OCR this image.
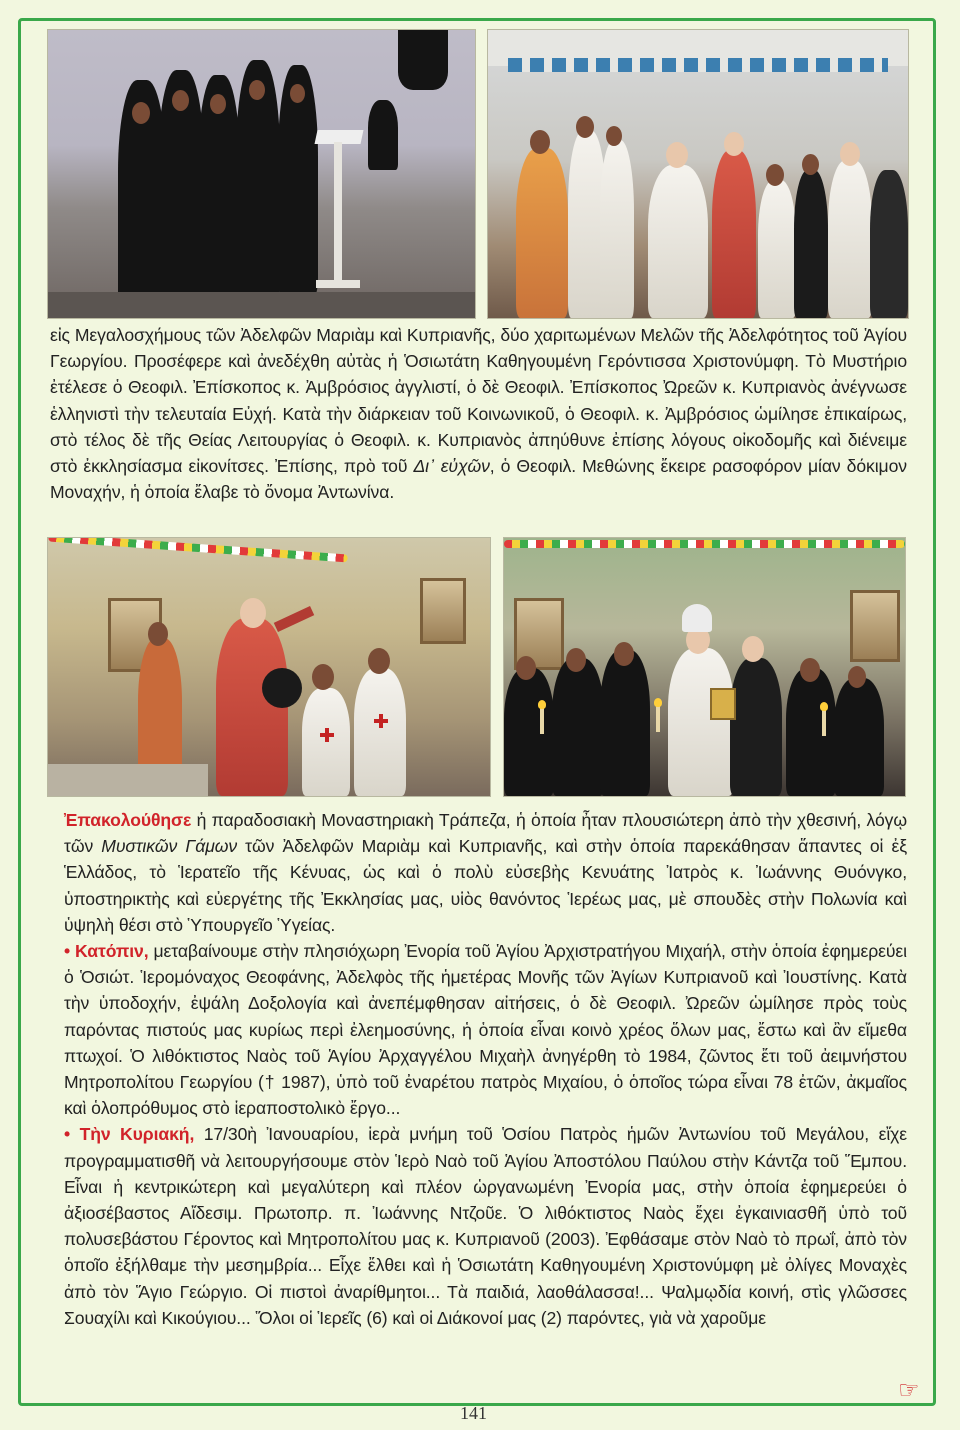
εἰς Μεγαλοσχήμους τῶν Ἀδελφῶν Μαριὰμ καὶ Κυπριανῆς, δύο χαριτωμένων Μελῶν τῆς Ἀδελφότητος τοῦ Ἁγίου Γεωργίου. Προσέφερε καὶ ἀνεδέχθη αὐτὰς ἡ Ὁσιωτάτη Καθηγουμένη Γερόντισσα Χριστονύμφη. Τὸ Μυστήριο ἐτέλεσε ὁ Θεοφιλ. Ἐπίσκοπος κ. Ἀμβρόσιος ἀγγλιστί, ὁ δὲ Θεοφιλ. Ἐπίσκοπος Ὠρεῶν κ. Κυπριανὸς ἀνέγνωσε ἑλληνιστὶ τὴν τελευταία Εὐχή. Κατὰ τὴν διάρκειαν τοῦ Κοινωνικοῦ, ὁ Θεοφιλ. κ. Ἀμβρόσιος ὡμίλησε ἐπικαίρως, στὸ τέλος δὲ τῆς Θείας Λειτουργίας ὁ Θεοφιλ. κ. Κυπριανὸς ἀπηύθυνε ἐπίσης λόγους οἰκοδομῆς καὶ διένειμε στὸ ἐκκλησίασμα εἰκονίτσες. Ἐπίσης, πρὸ τοῦ Δι᾽ εὐχῶν, ὁ Θεοφιλ. Μεθώνης ἔκειρε ρασοφόρον μίαν δόκιμον Μοναχήν, ἡ ὁποία ἔλαβε τὸ ὄνομα Ἀντωνίνα.

Ἐπακολούθησε ἡ παραδοσιακὴ Μοναστηριακὴ Τράπεζα, ἡ ὁποία ἦταν πλουσιώτερη ἀπὸ τὴν χθεσινή, λόγῳ τῶν Μυστικῶν Γάμων τῶν Ἀδελφῶν Μαριὰμ καὶ Κυπριανῆς, καὶ στὴν ὁποία παρεκάθησαν ἅπαντες οἱ ἐξ Ἑλλάδος, τὸ Ἱερατεῖο τῆς Κένυας, ὡς καὶ ὁ πολὺ εὐσεβὴς Κενυάτης Ἰατρὸς κ. Ἰωάννης Θυόνγκο, ὑποστηρικτὴς καὶ εὐεργέτης τῆς Ἐκκλησίας μας, υἱὸς θανόντος Ἱερέως μας, μὲ σπουδὲς στὴν Πολωνία καὶ ὑψηλὴ θέσι στὸ Ὑπουργεῖο Ὑγείας.

• Κατόπιν, μεταβαίνουμε στὴν πλησιόχωρη Ἐνορία τοῦ Ἁγίου Ἀρχιστρατήγου Μιχαήλ, στὴν ὁποία ἐφημερεύει ὁ Ὁσιώτ. Ἱερομόναχος Θεοφάνης, Ἀδελφὸς τῆς ἡμετέρας Μονῆς τῶν Ἁγίων Κυπριανοῦ καὶ Ἰουστίνης. Κατὰ τὴν ὑποδοχήν, ἐψάλη Δοξολογία καὶ ἀνεπέμφθησαν αἰτήσεις, ὁ δὲ Θεοφιλ. Ὠρεῶν ὡμίλησε πρὸς τοὺς παρόντας πιστούς μας κυρίως περὶ ἐλεημοσύνης, ἡ ὁποία εἶναι κοινὸ χρέος ὅλων μας, ἔστω καὶ ἂν εἴμεθα πτωχοί. Ὁ λιθόκτιστος Ναὸς τοῦ Ἁγίου Ἀρχαγγέλου Μιχαὴλ ἀνηγέρθη τὸ 1984, ζῶντος ἔτι τοῦ ἀειμνήστου Μητροπολίτου Γεωργίου († 1987), ὑπὸ τοῦ ἐναρέτου πατρὸς Μιχαίου, ὁ ὁποῖος τώρα εἶναι 78 ἐτῶν, ἀκμαῖος καὶ ὁλοπρόθυμος στὸ ἱεραποστολικὸ ἔργο...

• Τὴν Κυριακή, 17/30ὴ Ἰανουαρίου, ἱερὰ μνήμη τοῦ Ὁσίου Πατρὸς ἡμῶν Ἀντωνίου τοῦ Μεγάλου, εἴχε προγραμματισθῆ νὰ λειτουργήσουμε στὸν Ἱερὸ Ναὸ τοῦ Ἁγίου Ἀποστόλου Παύλου στὴν Κάντζα τοῦ Ἕμπου. Εἶναι ἡ κεντρικώτερη καὶ μεγαλύτερη καὶ πλέον ὡργανωμένη Ἐνορία μας, στὴν ὁποία ἐφημερεύει ὁ ἀξιοσέβαστος Αἴδεσιμ. Πρωτοπρ. π. Ἰωάννης Ντζοῦε. Ὁ λιθόκτιστος Ναὸς ἔχει ἐγκαινιασθῆ ὑπὸ τοῦ πολυσεβάστου Γέροντος καὶ Μητροπολίτου μας κ. Κυπριανοῦ (2003). Ἐφθάσαμε στὸν Ναὸ τὸ πρωΐ, ἀπὸ τὸν ὁποῖο ἐξήλθαμε τὴν μεσημβρία... Εἶχε ἔλθει καὶ ἡ Ὁσιωτάτη Καθηγουμένη Χριστονύμφη μὲ ὀλίγες Μοναχὲς ἀπὸ τὸν Ἅγιο Γεώργιο. Οἱ πιστοὶ ἀναρίθμητοι... Τὰ παιδιά, λαοθάλασσα!... Ψαλμῳδία κοινή, στὶς γλῶσσες Σουαχίλι καὶ Κικούγιου... Ὅλοι οἱ Ἱερεῖς (6) καὶ οἱ Διάκονοί μας (2) παρόντες, γιὰ νὰ χαροῦμε

☞
141
